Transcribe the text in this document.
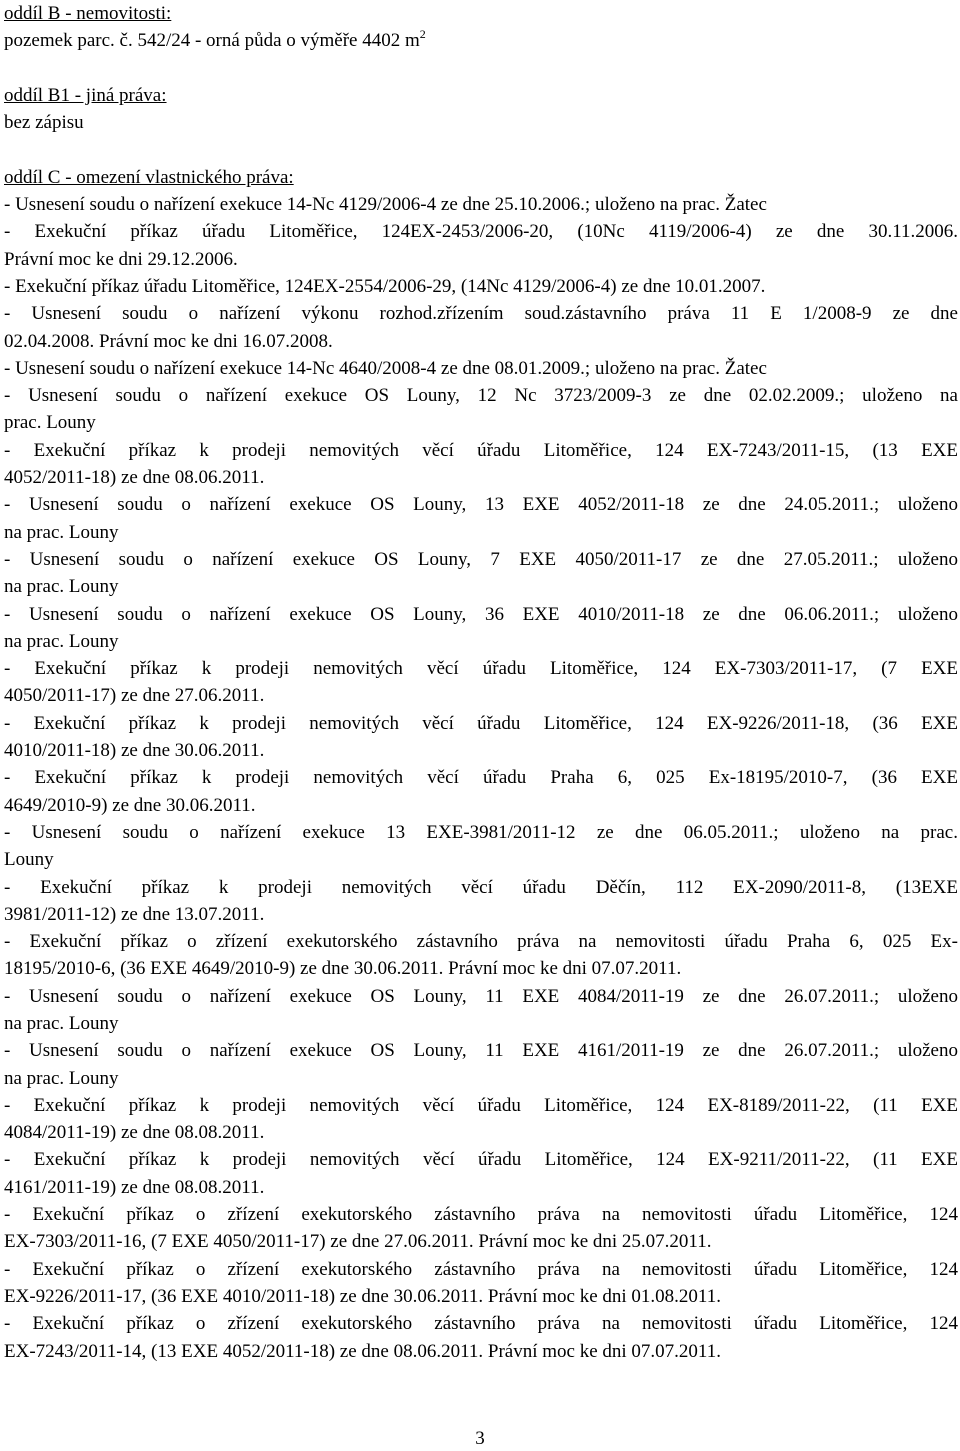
oddíl B - nemovitosti:
pozemek parc. č. 542/24 - orná půda o výměře 4402 $m^2$
oddíl B1 - jiná práva:
bez zápisu
oddíl C - omezení vlastnického práva:
- Usnesení soudu o nařízení exekuce 14-Nc 4129/2006-4 ze dne 25.10.2006.; uloženo na prac. Žatec
- Exekuční příkaz úřadu Litoměřice, 124EX-2453/2006-20, (10Nc 4119/2006-4) ze dne 30.11.2006.
Právní moc ke dni 29.12.2006.
- Exekuční příkaz úřadu Litoměřice, 124EX-2554/2006-29, (14Nc 4129/2006-4) ze dne 10.01.2007.
- Usnesení soudu o nařízení výkonu rozhod.zřízením soud.zástavního práva 11 E 1/2008-9 ze dne
02.04.2008. Právní moc ke dni 16.07.2008.
- Usnesení soudu o nařízení exekuce 14-Nc 4640/2008-4 ze dne 08.01.2009.; uloženo na prac. Žatec
- Usnesení soudu o nařízení exekuce OS Louny, 12 Nc 3723/2009-3 ze dne 02.02.2009.; uloženo na
prac. Louny
- Exekuční příkaz k prodeji nemovitých věcí úřadu Litoměřice, 124 EX-7243/2011-15, (13 EXE
4052/2011-18) ze dne 08.06.2011.
- Usnesení soudu o nařízení exekuce OS Louny, 13 EXE 4052/2011-18 ze dne 24.05.2011.; uloženo
na prac. Louny
- Usnesení soudu o nařízení exekuce OS Louny, 7 EXE 4050/2011-17 ze dne 27.05.2011.; uloženo
na prac. Louny
- Usnesení soudu o nařízení exekuce OS Louny, 36 EXE 4010/2011-18 ze dne 06.06.2011.; uloženo
na prac. Louny
- Exekuční příkaz k prodeji nemovitých věcí úřadu Litoměřice, 124 EX-7303/2011-17, (7 EXE
4050/2011-17) ze dne 27.06.2011.
- Exekuční příkaz k prodeji nemovitých věcí úřadu Litoměřice, 124 EX-9226/2011-18, (36 EXE
4010/2011-18) ze dne 30.06.2011.
- Exekuční příkaz k prodeji nemovitých věcí úřadu Praha 6, 025 Ex-18195/2010-7, (36 EXE
4649/2010-9) ze dne 30.06.2011.
- Usnesení soudu o nařízení exekuce 13 EXE-3981/2011-12 ze dne 06.05.2011.; uloženo na prac.
Louny
- Exekuční příkaz k prodeji nemovitých věcí úřadu Děčín, 112 EX-2090/2011-8, (13EXE
3981/2011-12) ze dne 13.07.2011.
- Exekuční příkaz o zřízení exekutorského zástavního práva na nemovitosti úřadu Praha 6, 025 Ex-
18195/2010-6, (36 EXE 4649/2010-9) ze dne 30.06.2011. Právní moc ke dni 07.07.2011.
- Usnesení soudu o nařízení exekuce OS Louny, 11 EXE 4084/2011-19 ze dne 26.07.2011.; uloženo
na prac. Louny
- Usnesení soudu o nařízení exekuce OS Louny, 11 EXE 4161/2011-19 ze dne 26.07.2011.; uloženo
na prac. Louny
- Exekuční příkaz k prodeji nemovitých věcí úřadu Litoměřice, 124 EX-8189/2011-22, (11 EXE
4084/2011-19) ze dne 08.08.2011.
- Exekuční příkaz k prodeji nemovitých věcí úřadu Litoměřice, 124 EX-9211/2011-22, (11 EXE
4161/2011-19) ze dne 08.08.2011.
- Exekuční příkaz o zřízení exekutorského zástavního práva na nemovitosti úřadu Litoměřice, 124
EX-7303/2011-16, (7 EXE 4050/2011-17) ze dne 27.06.2011. Právní moc ke dni 25.07.2011.
- Exekuční příkaz o zřízení exekutorského zástavního práva na nemovitosti úřadu Litoměřice, 124
EX-9226/2011-17, (36 EXE 4010/2011-18) ze dne 30.06.2011. Právní moc ke dni 01.08.2011.
- Exekuční příkaz o zřízení exekutorského zástavního práva na nemovitosti úřadu Litoměřice, 124
EX-7243/2011-14, (13 EXE 4052/2011-18) ze dne 08.06.2011. Právní moc ke dni 07.07.2011.
3
